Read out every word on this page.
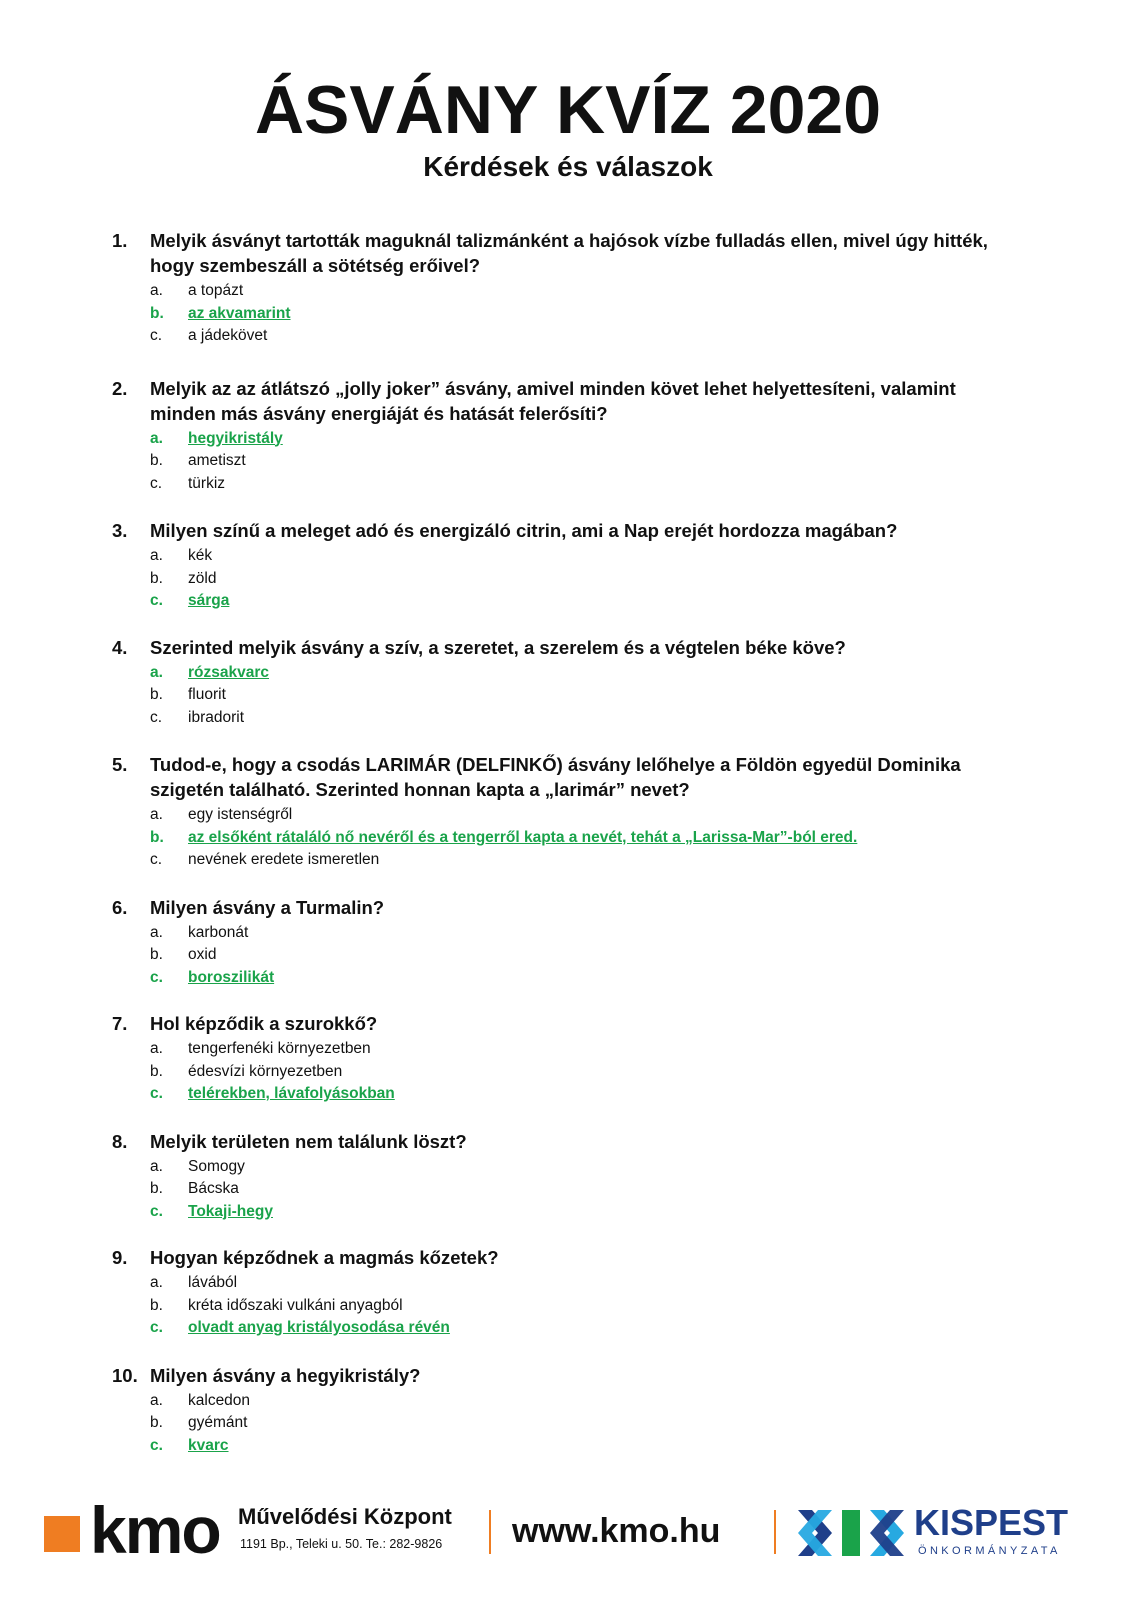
ÁSVÁNY KVÍZ 2020
Kérdések és válaszok
1. Melyik ásványt tartották maguknál talizmánként a hajósok vízbe fulladás ellen, mivel úgy hitték,
hogy szembeszáll a sötétség erőivel?
a. a topázt
b. az akvamarint
c. a jádekövet
2. Melyik az az átlátszó „jolly joker” ásvány, amivel minden követ lehet helyettesíteni, valamint
minden más ásvány energiáját és hatását felerősíti?
a. hegyikristály
b. ametiszt
c. türkiz
3. Milyen színű a meleget adó és energizáló citrin, ami a Nap erejét hordozza magában?
a. kék
b. zöld
c. sárga
4. Szerinted melyik ásvány a szív, a szeretet, a szerelem és a végtelen béke köve?
a. rózsakvarc
b. fluorit
c. ibradorit
5. Tudod-e, hogy a csodás LARIMÁR (DELFINKŐ) ásvány lelőhelye a Földön egyedül Dominika
szigetén található. Szerinted honnan kapta a „larimár” nevet?
a. egy istenségről
b. az elsőként rátaláló nő nevéről és a tengerről kapta a nevét, tehát a „Larissa-Mar”-ból ered.
c. nevének eredete ismeretlen
6. Milyen ásvány a Turmalin?
a. karbonát
b. oxid
c. boroszilikát
7. Hol képződik a szurokkő?
a. tengerfenéki környezetben
b. édesvízi környezetben
c. telérekben, lávafolyásokban
8. Melyik területen nem találunk löszt?
a. Somogy
b. Bácska
c. Tokaji-hegy
9. Hogyan képződnek a magmás kőzetek?
a. lávából
b. kréta időszaki vulkáni anyagból
c. olvadt anyag kristályosodása révén
10. Milyen ásvány a hegyikristály?
a. kalcedon
b. gyémánt
c. kvarc
kmo Művelődési Központ
1191 Bp., Teleki u. 50. Te.: 282-9826 www.kmo.hu	KISPEST
ÖNKORMÁNYZATA
